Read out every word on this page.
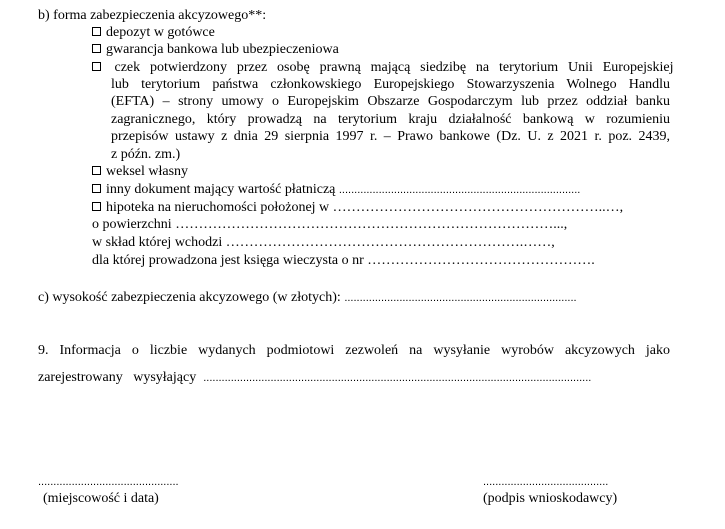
b) forma zabezpieczenia akcyzowego**:
depozyt w gotówce
gwarancja bankowa lub ubezpieczeniowa
czek potwierdzony przez osobę prawną mającą siedzibę na terytorium Unii Europejskiej
lub terytorium państwa członkowskiego Europejskiego Stowarzyszenia Wolnego Handlu
(EFTA) – strony umowy o Europejskim Obszarze Gospodarczym lub przez oddział banku
zagranicznego, który prowadzą na terytorium kraju działalność bankową w rozumieniu
przepisów ustawy z dnia 29 sierpnia 1997 r. – Prawo bankowe (Dz. U. z 2021 r. poz. 2439,
z późn. zm.)
weksel własny
inny dokument mający wartość płatniczą ...............................................................................
hipoteka na nieruchomości położonej w …………………………………………………..…,
o powierzchni ………………………………………………………………………...,
w skład której wchodzi ……………………………………………………….……,
dla której prowadzona jest księga wieczysta o nr ………………………………………….
c) wysokość zabezpieczenia akcyzowego (w złotych): ............................................................................
9. Informacja o liczbie wydanych podmiotowi zezwoleń na wysyłanie wyrobów akcyzowych jako
zarejestrowany   wysyłający ...............................................................................................................................
..............................................
(miejscowość i data)
.........................................
(podpis wnioskodawcy)
